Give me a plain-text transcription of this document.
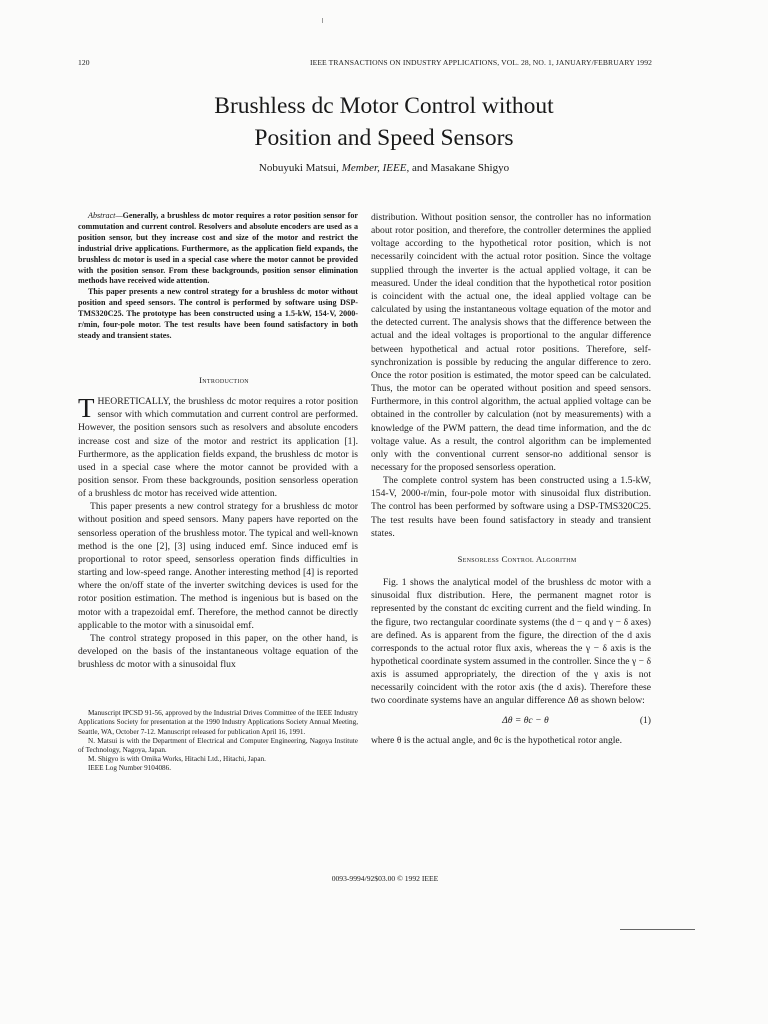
120	IEEE TRANSACTIONS ON INDUSTRY APPLICATIONS, VOL. 28, NO. 1, JANUARY/FEBRUARY 1992
Brushless dc Motor Control without
Position and Speed Sensors
Nobuyuki Matsui, Member, IEEE, and Masakane Shigyo

Abstract—Generally, a brushless dc motor requires a rotor position sensor for commutation and current control. Resolvers and absolute encoders are used as a position sensor, but they increase cost and size of the motor and restrict the industrial drive applications. Furthermore, as the application field expands, the brushless dc motor is used in a special case where the motor cannot be provided with the position sensor. From these backgrounds, position sensor elimination methods have received wide attention.

This paper presents a new control strategy for a brushless dc motor without position and speed sensors. The control is performed by software using DSP-TMS320C25. The prototype has been constructed using a 1.5-kW, 154-V, 2000-r/min, four-pole motor. The test results have been found satisfactory in both steady and transient states.

Introduction

THEORETICALLY, the brushless dc motor requires a rotor position sensor with which commutation and current control are performed. However, the position sensors such as resolvers and absolute encoders increase cost and size of the motor and restrict its application [1]. Furthermore, as the application fields expand, the brushless dc motor is used in a special case where the motor cannot be provided with a position sensor. From these backgrounds, position sensorless operation of a brushless dc motor has received wide attention.

This paper presents a new control strategy for a brushless dc motor without position and speed sensors. Many papers have reported on the sensorless operation of the brushless motor. The typical and well-known method is the one [2], [3] using induced emf. Since induced emf is proportional to rotor speed, sensorless operation finds difficulties in starting and low-speed range. Another interesting method [4] is reported where the on/off state of the inverter switching devices is used for the rotor position estimation. The method is ingenious but is based on the motor with a trapezoidal emf. Therefore, the method cannot be directly applicable to the motor with a sinusoidal emf.

The control strategy proposed in this paper, on the other hand, is developed on the basis of the instantaneous voltage equation of the brushless dc motor with a sinusoidal flux

Manuscript IPCSD 91-56, approved by the Industrial Drives Committee of the IEEE Industry Applications Society for presentation at the 1990 Industry Applications Society Annual Meeting, Seattle, WA, October 7-12. Manuscript released for publication April 16, 1991.

N. Matsui is with the Department of Electrical and Computer Engineering, Nagoya Institute of Technology, Nagoya, Japan.

M. Shigyo is with Omika Works, Hitachi Ltd., Hitachi, Japan.

IEEE Log Number 9104086.

distribution. Without position sensor, the controller has no information about rotor position, and therefore, the controller determines the applied voltage according to the hypothetical rotor position, which is not necessarily coincident with the actual rotor position. Since the voltage supplied through the inverter is the actual applied voltage, it can be measured. Under the ideal condition that the hypothetical rotor position is coincident with the actual one, the ideal applied voltage can be calculated by using the instantaneous voltage equation of the motor and the detected current. The analysis shows that the difference between the actual and the ideal voltages is proportional to the angular difference between hypothetical and actual rotor positions. Therefore, self-synchronization is possible by reducing the angular difference to zero. Once the rotor position is estimated, the motor speed can be calculated. Thus, the motor can be operated without position and speed sensors. Furthermore, in this control algorithm, the actual applied voltage can be obtained in the controller by calculation (not by measurements) with a knowledge of the PWM pattern, the dead time information, and the dc voltage value. As a result, the control algorithm can be implemented only with the conventional current sensor-no additional sensor is necessary for the proposed sensorless operation.

The complete control system has been constructed using a 1.5-kW, 154-V, 2000-r/min, four-pole motor with sinusoidal flux distribution. The control has been performed by software using a DSP-TMS320C25. The test results have been found satisfactory in steady and transient states.

Sensorless Control Algorithm

Fig. 1 shows the analytical model of the brushless dc motor with a sinusoidal flux distribution. Here, the permanent magnet rotor is represented by the constant dc exciting current and the field winding. In the figure, two rectangular coordinate systems (the d − q and γ − δ axes) are defined. As is apparent from the figure, the direction of the d axis corresponds to the actual rotor flux axis, whereas the γ − δ axis is the hypothetical coordinate system assumed in the controller. Since the γ − δ axis is assumed appropriately, the direction of the γ axis is not necessarily coincident with the rotor axis (the d axis). Therefore these two coordinate systems have an angular difference Δθ as shown below:

Δθ = θc − θ	(1)

where θ is the actual angle, and θc is the hypothetical rotor angle.

0093-9994/92$03.00 © 1992 IEEE
